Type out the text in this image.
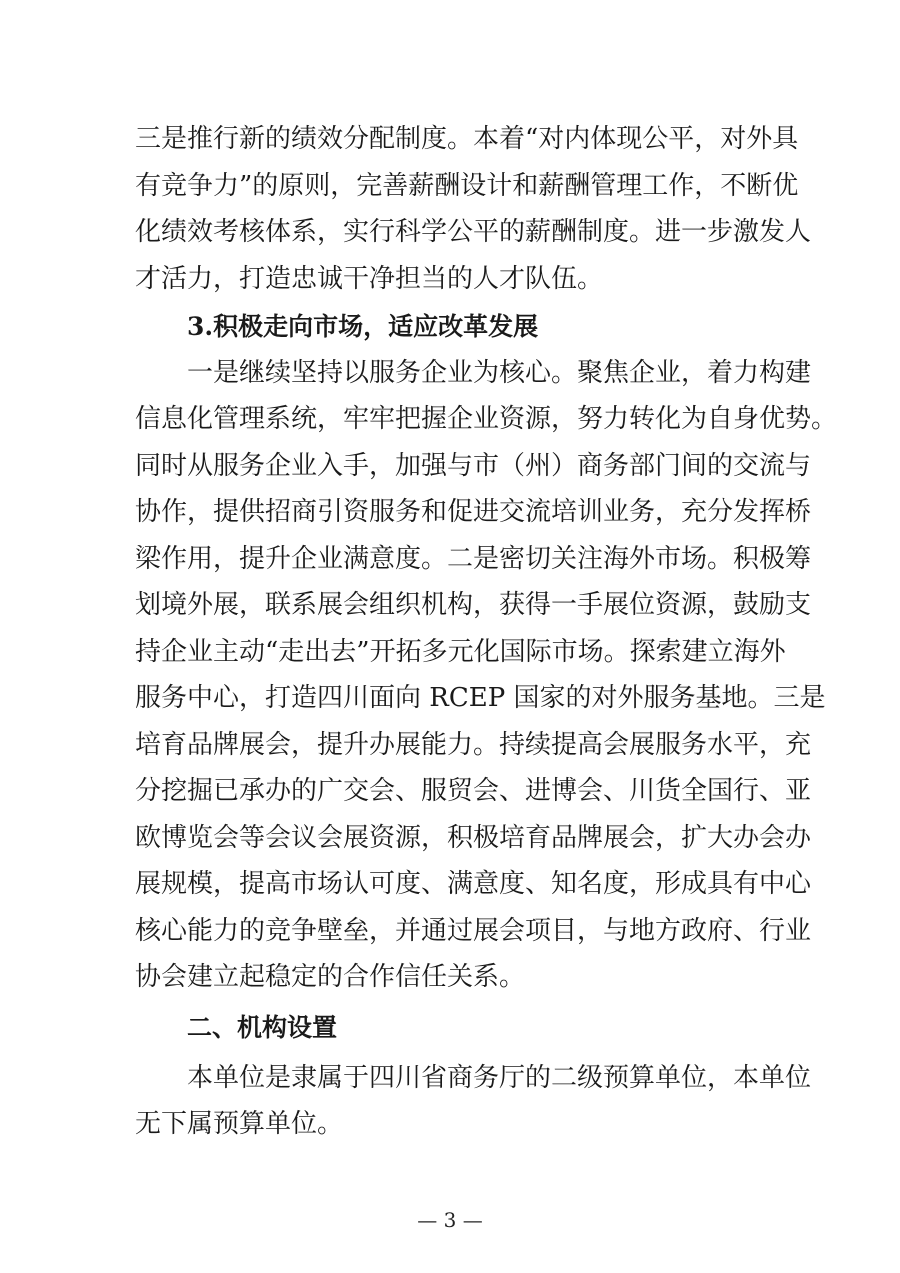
三是推行新的绩效分配制度。本着“对内体现公平，对外具
有竞争力”的原则，完善薪酬设计和薪酬管理工作，不断优
化绩效考核体系，实行科学公平的薪酬制度。进一步激发人
才活力，打造忠诚干净担当的人才队伍。
3.积极走向市场，适应改革发展
一是继续坚持以服务企业为核心。聚焦企业，着力构建
信息化管理系统，牢牢把握企业资源，努力转化为自身优势。
同时从服务企业入手，加强与市（州）商务部门间的交流与
协作，提供招商引资服务和促进交流培训业务，充分发挥桥
梁作用，提升企业满意度。二是密切关注海外市场。积极筹
划境外展，联系展会组织机构，获得一手展位资源，鼓励支
持企业主动“走出去”开拓多元化国际市场。探索建立海外
服务中心，打造四川面向 RCEP 国家的对外服务基地。三是
培育品牌展会，提升办展能力。持续提高会展服务水平，充
分挖掘已承办的广交会、服贸会、进博会、川货全国行、亚
欧博览会等会议会展资源，积极培育品牌展会，扩大办会办
展规模，提高市场认可度、满意度、知名度，形成具有中心
核心能力的竞争壁垒，并通过展会项目，与地方政府、行业
协会建立起稳定的合作信任关系。
二、机构设置
本单位是隶属于四川省商务厅的二级预算单位，本单位
无下属预算单位。
— 3 —
